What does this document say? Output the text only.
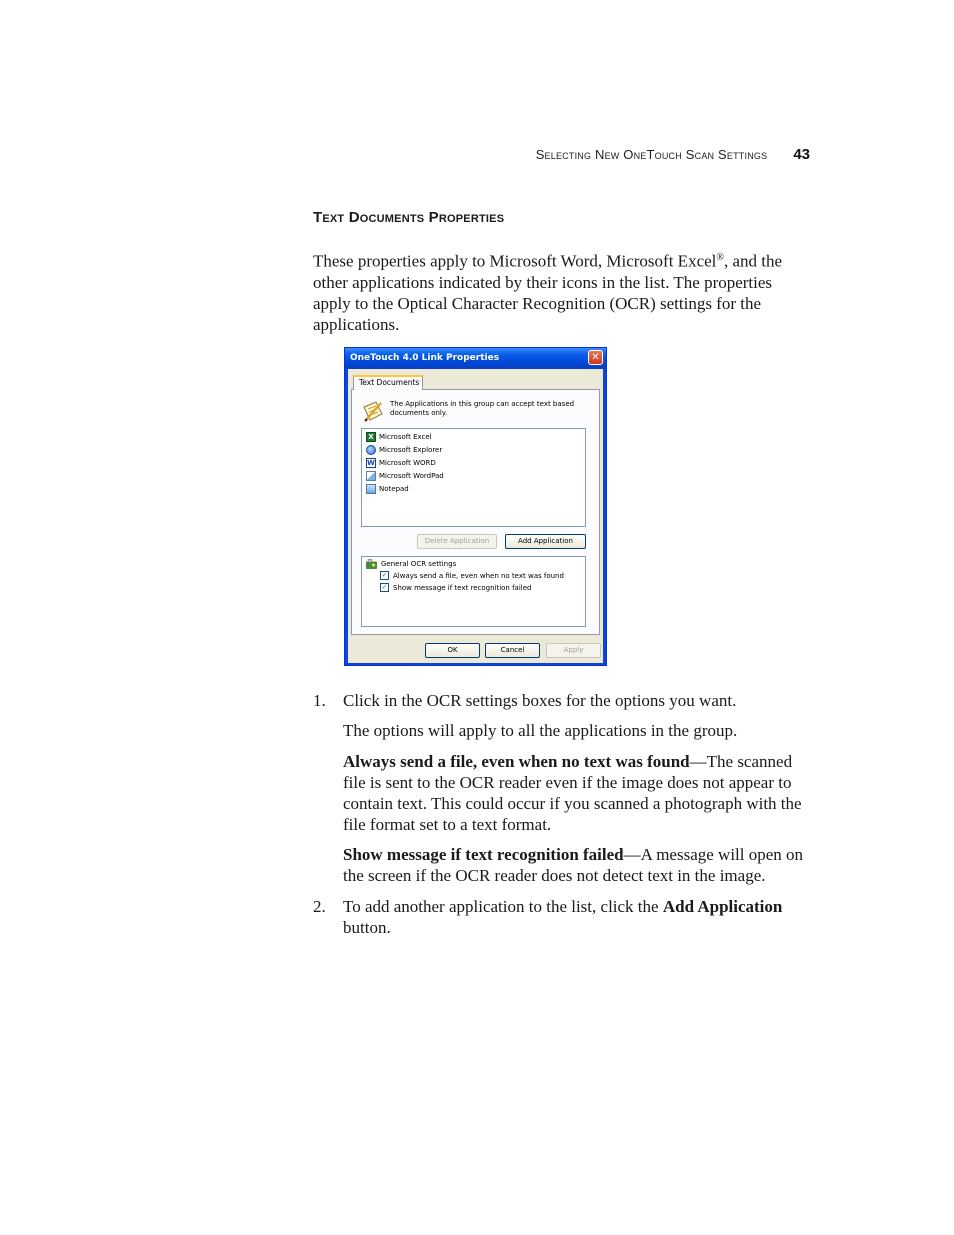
Selecting New OneTouch Scan Settings 43
Text Documents Properties

These properties apply to Microsoft Word, Microsoft Excel®, and the other applications indicated by their icons in the list. The properties apply to the Optical Character Recognition (OCR) settings for the applications.

OneTouch 4.0 Link Properties	✕
Text Documents
The Applications in this group can accept text based documents only.
X Microsoft Excel
Microsoft Explorer
W Microsoft WORD
Microsoft WordPad
Notepad
Delete Application	Add Application
General OCR settings
✓ Always send a file, even when no text was found
✓ Show message if text recognition failed
OK	Cancel	Apply
1. Click in the OCR settings boxes for the options you want.

The options will apply to all the applications in the group.

Always send a file, even when no text was found—The scanned file is sent to the OCR reader even if the image does not appear to contain text. This could occur if you scanned a photograph with the file format set to a text format.

Show message if text recognition failed—A message will open on the screen if the OCR reader does not detect text in the image.

2. To add another application to the list, click the Add Application button.
